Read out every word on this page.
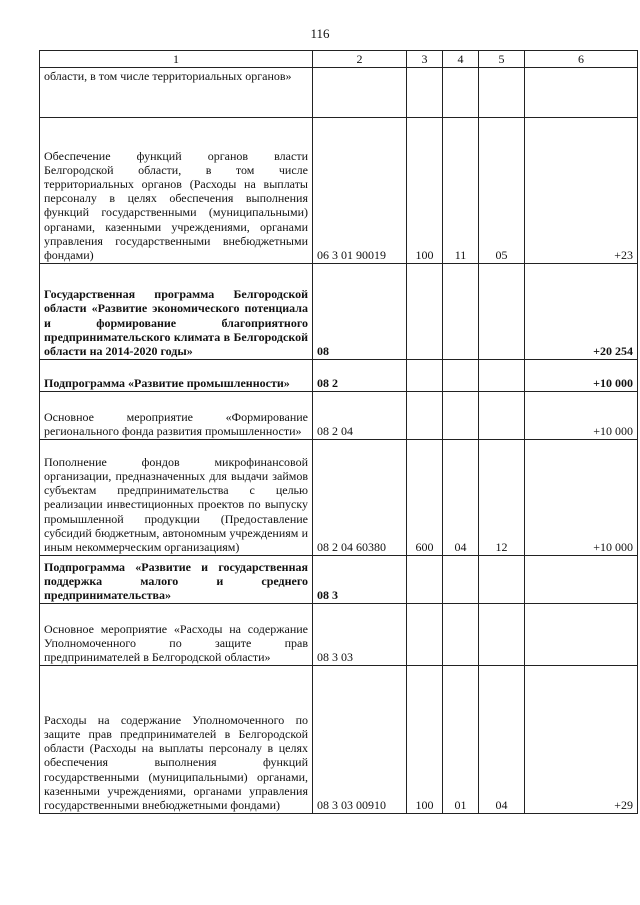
116
1	2	3	4	5	6
области, в том числе территориальных органов»					
Обеспечение функций органов власти Белгородской области, в том числе территориальных органов (Расходы на выплаты персоналу в целях обеспечения выполнения функций государственными (муниципальными) органами, казенными учреждениями, органами управления государственными внебюджетными фондами)	06 3 01 90019	100	11	05	+23
Государственная программа Белгородской области «Развитие экономического потенциала и формирование благоприятного предпринимательского климата в Белгородской области на 2014-2020 годы»	08				+20 254
Подпрограмма «Развитие промышленности»	08 2				+10 000
Основное мероприятие «Формирование регионального фонда развития промышленности»	08 2 04				+10 000
Пополнение фондов микрофинансовой организации, предназначенных для выдачи займов субъектам предпринимательства с целью реализации инвестиционных проектов по выпуску промышленной продукции (Предоставление субсидий бюджетным, автономным учреждениям и иным некоммерческим организациям)	08 2 04 60380	600	04	12	+10 000
Подпрограмма «Развитие и государственная поддержка малого и среднего предпринимательства»	08 3				
Основное мероприятие «Расходы на содержание Уполномоченного по защите прав предпринимателей в Белгородской области»	08 3 03				
Расходы на содержание Уполномоченного по защите прав предпринимателей в Белгородской области (Расходы на выплаты персоналу в целях обеспечения выполнения функций государственными (муниципальными) органами, казенными учреждениями, органами управления государственными внебюджетными фондами)	08 3 03 00910	100	01	04	+29
